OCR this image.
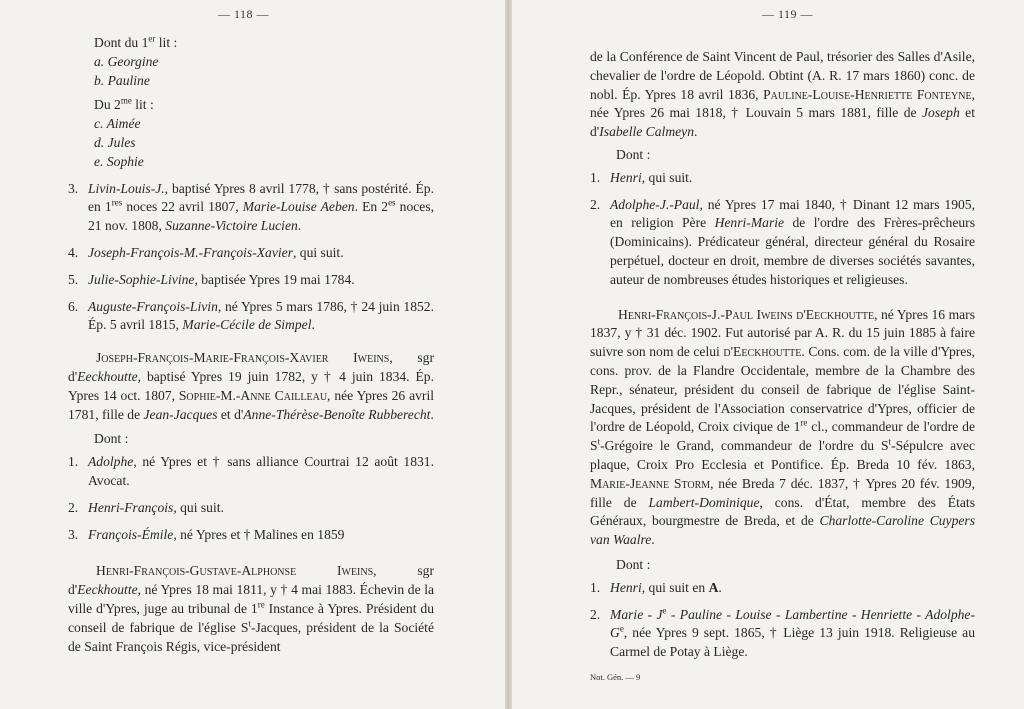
— 118 —

Dont du 1er lit :

a. Georgine

b. Pauline

Du $2^{me}$ lit :

c. Aimée

d. Jules

e. Sophie

3. Livin-Louis-J., baptisé Ypres 8 avril 1778, † sans postérité. Ép. en 1res noces 22 avril 1807, Marie-Louise Aeben. En $2^{es}$ noces, 21 nov. 1808, Suzanne-Victoire Lucien.
4. Joseph-François-M.-François-Xavier, qui suit.
5. Julie-Sophie-Livine, baptisée Ypres 19 mai 1784.
6. Auguste-François-Livin, né Ypres 5 mars 1786, † 24 juin 1852. Ép. 5 avril 1815, Marie-Cécile de Simpel.

Joseph-François-Marie-François-Xavier Iweins, sgr d'Eeckhoutte, baptisé Ypres 19 juin 1782, y † 4 juin 1834. Ép. Ypres 14 oct. 1807, Sophie-M.-Anne Cailleau, née Ypres 26 avril 1781, fille de Jean-Jacques et d'Anne-Thérèse-Benoîte Rubberecht.

Dont :

1. Adolphe, né Ypres et † sans alliance Courtrai 12 août 1831. Avocat.
2. Henri-François, qui suit.
3. François-Émile, né Ypres et † Malines en 1859

Henri-François-Gustave-Alphonse Iweins, sgr d'Eeckhoutte, né Ypres 18 mai 1811, y † 4 mai 1883. Échevin de la ville d'Ypres, juge au tribunal de 1re Instance à Ypres. Président du conseil de fabrique de l'église $S^t$-Jacques, président de la Société de Saint François Régis, vice-président

— 119 —

de la Conférence de Saint Vincent de Paul, trésorier des Salles d'Asile, chevalier de l'ordre de Léopold. Obtint (A. R. 17 mars 1860) conc. de nobl. Ép. Ypres 18 avril 1836, Pauline-Louise-Henriette Fonteyne, née Ypres 26 mai 1818, † Louvain 5 mars 1881, fille de Joseph et d'Isabelle Calmeyn.

Dont :

1. Henri, qui suit.
2. Adolphe-J.-Paul, né Ypres 17 mai 1840, † Dinant 12 mars 1905, en religion Père Henri-Marie de l'ordre des Frères-prêcheurs (Dominicains). Prédicateur général, directeur général du Rosaire perpétuel, docteur en droit, membre de diverses sociétés savantes, auteur de nombreuses études historiques et religieuses.

Henri-François-J.-Paul Iweins d'Eeckhoutte, né Ypres 16 mars 1837, y † 31 déc. 1902. Fut autorisé par A. R. du 15 juin 1885 à faire suivre son nom de celui d'Eeckhoutte. Cons. com. de la ville d'Ypres, cons. prov. de la Flandre Occidentale, membre de la Chambre des Repr., sénateur, président du conseil de fabrique de l'église Saint-Jacques, président de l'Association conservatrice d'Ypres, officier de l'ordre de Léopold, Croix civique de 1re cl., commandeur de l'ordre de $S^t$-Grégoire le Grand, commandeur de l'ordre du $S^t$-Sépulcre avec plaque, Croix Pro Ecclesia et Pontifice. Ép. Breda 10 fév. 1863, Marie-Jeanne Storm, née Breda 7 déc. 1837, † Ypres 20 fév. 1909, fille de Lambert-Dominique, cons. d'État, membre des États Généraux, bourgmestre de Breda, et de Charlotte-Caroline Cuypers van Waalre.

Dont :

1. Henri, qui suit en A.
2. Marie - $J^e$ - Pauline - Louise - Lambertine - Henriette - Adolphe-$G^e$, née Ypres 9 sept. 1865, † Liège 13 juin 1918. Religieuse au Carmel de Potay à Liège.

Not. Gén. — 9
